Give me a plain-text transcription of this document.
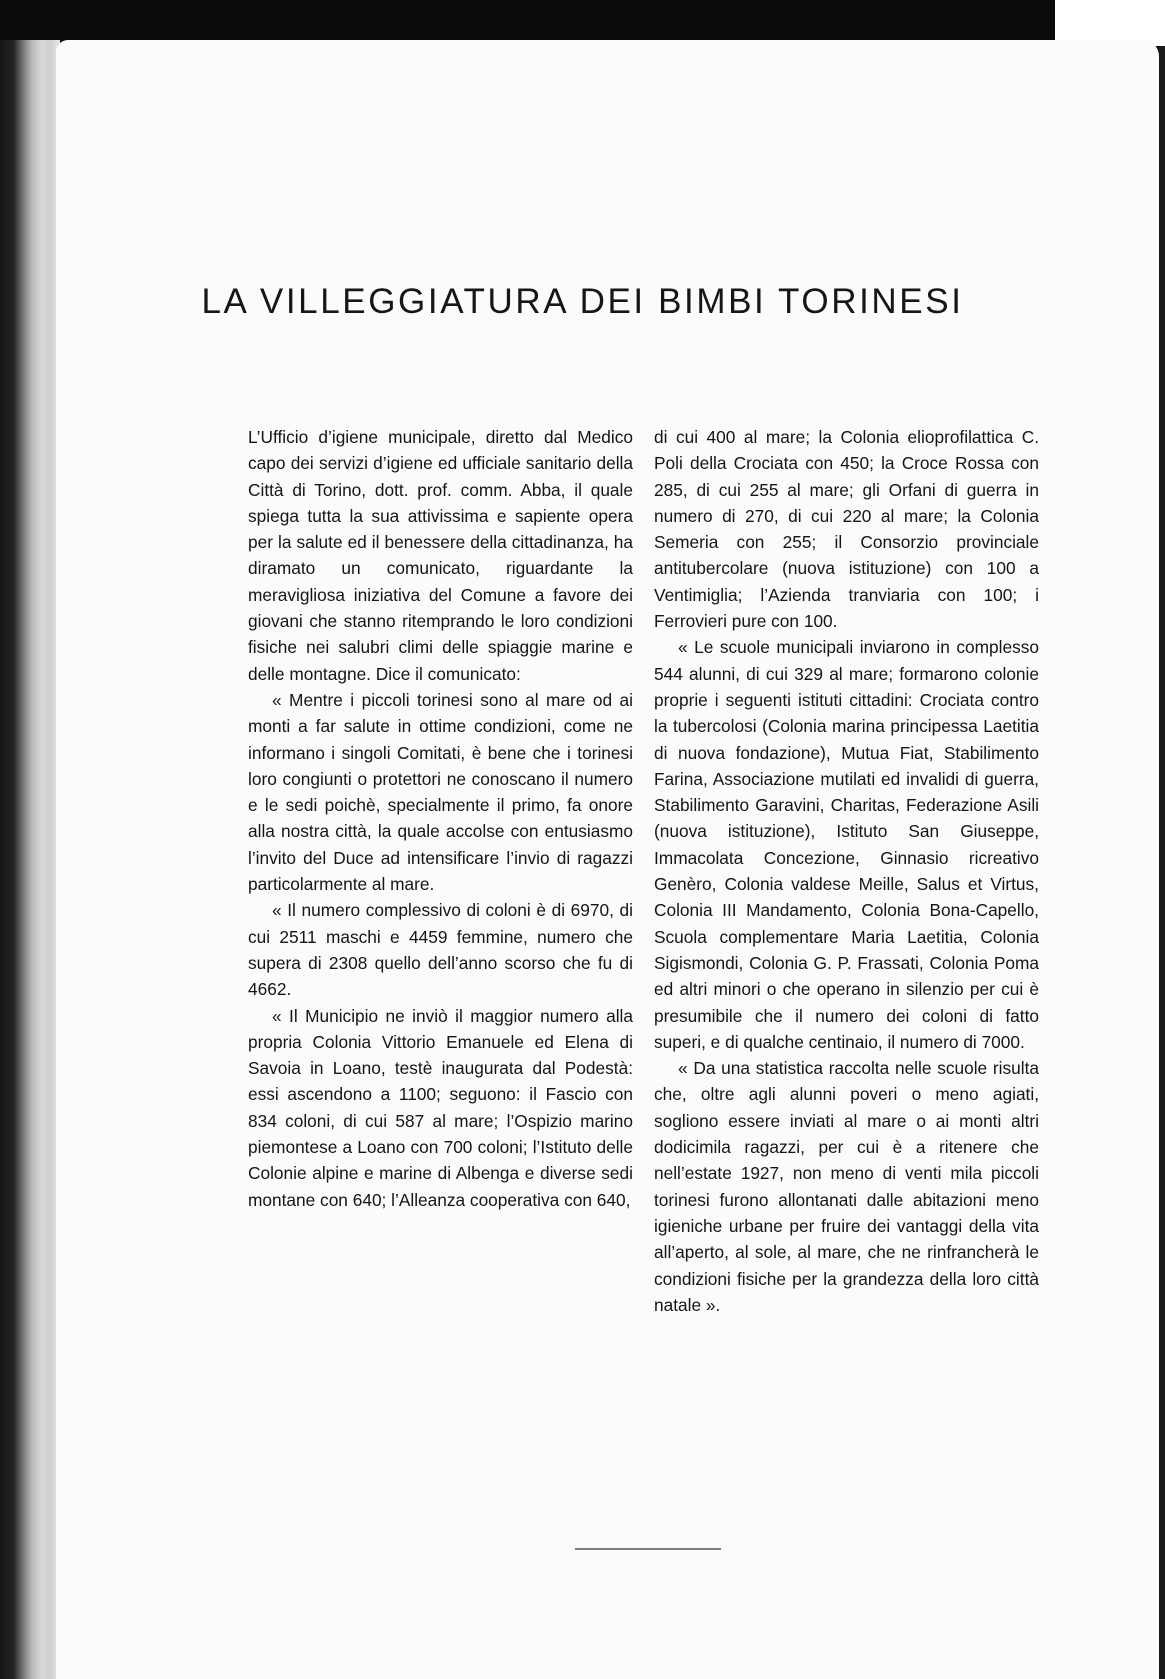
LA VILLEGGIATURA DEI BIMBI TORINESI

L’Ufficio d’igiene municipale, diretto dal Medico capo dei servizi d’igiene ed ufficiale sanitario della Città di Torino, dott. prof. comm. Abba, il quale spiega tutta la sua attivissima e sapiente opera per la salute ed il benessere della cittadinanza, ha diramato un comunicato, riguardante la meravigliosa iniziativa del Comune a favore dei giovani che stanno ritemprando le loro condizioni fisiche nei salubri climi delle spiaggie marine e delle montagne. Dice il comunicato:

« Mentre i piccoli torinesi sono al mare od ai monti a far salute in ottime condizioni, come ne informano i singoli Comitati, è bene che i torinesi loro congiunti o protettori ne conoscano il numero e le sedi poichè, specialmente il primo, fa onore alla nostra città, la quale accolse con entusiasmo l’invito del Duce ad intensificare l’invio di ragazzi particolarmente al mare.

« Il numero complessivo di coloni è di 6970, di cui 2511 maschi e 4459 femmine, numero che supera di 2308 quello dell’anno scorso che fu di 4662.

« Il Municipio ne inviò il maggior numero alla propria Colonia Vittorio Emanuele ed Elena di Savoia in Loano, testè inaugurata dal Podestà: essi ascendono a 1100; seguono: il Fascio con 834 coloni, di cui 587 al mare; l’Ospizio marino piemontese a Loano con 700 coloni; l’Istituto delle Colonie alpine e marine di Albenga e diverse sedi montane con 640; l’Alleanza cooperativa con 640,

di cui 400 al mare; la Colonia elioprofilattica C. Poli della Crociata con 450; la Croce Rossa con 285, di cui 255 al mare; gli Orfani di guerra in numero di 270, di cui 220 al mare; la Colonia Semeria con 255; il Consorzio provinciale antitubercolare (nuova istituzione) con 100 a Ventimiglia; l’Azienda tranviaria con 100; i Ferrovieri pure con 100.

« Le scuole municipali inviarono in complesso 544 alunni, di cui 329 al mare; formarono colonie proprie i seguenti istituti cittadini: Crociata contro la tubercolosi (Colonia marina principessa Laetitia di nuova fondazione), Mutua Fiat, Stabilimento Farina, Associazione mutilati ed invalidi di guerra, Stabilimento Garavini, Charitas, Federazione Asili (nuova istituzione), Istituto San Giuseppe, Immacolata Concezione, Ginnasio ricreativo Genèro, Colonia valdese Meille, Salus et Virtus, Colonia III Mandamento, Colonia Bona-Capello, Scuola complementare Maria Laetitia, Colonia Sigismondi, Colonia G. P. Frassati, Colonia Poma ed altri minori o che operano in silenzio per cui è presumibile che il numero dei coloni di fatto superi, e di qualche centinaio, il numero di 7000.

« Da una statistica raccolta nelle scuole risulta che, oltre agli alunni poveri o meno agiati, sogliono essere inviati al mare o ai monti altri dodicimila ragazzi, per cui è a ritenere che nell’estate 1927, non meno di venti mila piccoli torinesi furono allontanati dalle abitazioni meno igieniche urbane per fruire dei vantaggi della vita all’aperto, al sole, al mare, che ne rinfrancherà le condizioni fisiche per la grandezza della loro città natale ».
